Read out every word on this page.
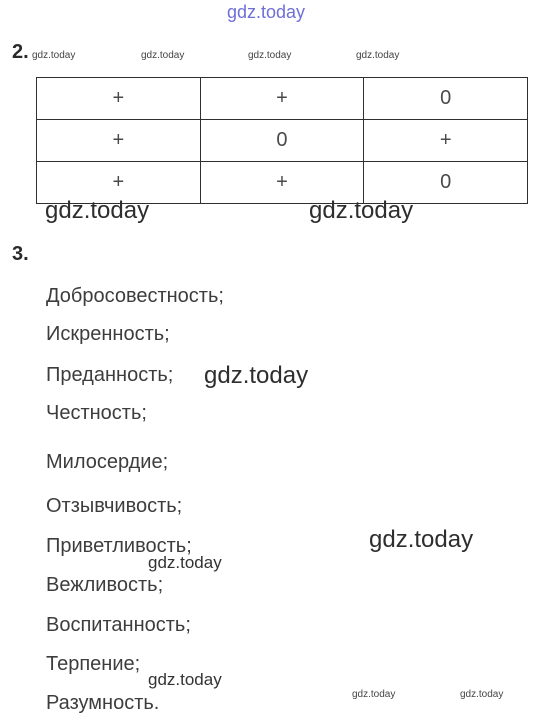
gdz.today
2. gdz.today	gdz.today	gdz.today	gdz.today
+	+	0
+	0	+
+	+	0
gdz.today	gdz.today
3.
Добросовестность;
Искренность;
Преданность;
Честность;
Милосердие;
Отзывчивость;
Приветливость;
Вежливость;
Воспитанность;
Терпение;
Разумность.
gdz.today
gdz.today
gdz.today
gdz.today
gdz.today	gdz.today
